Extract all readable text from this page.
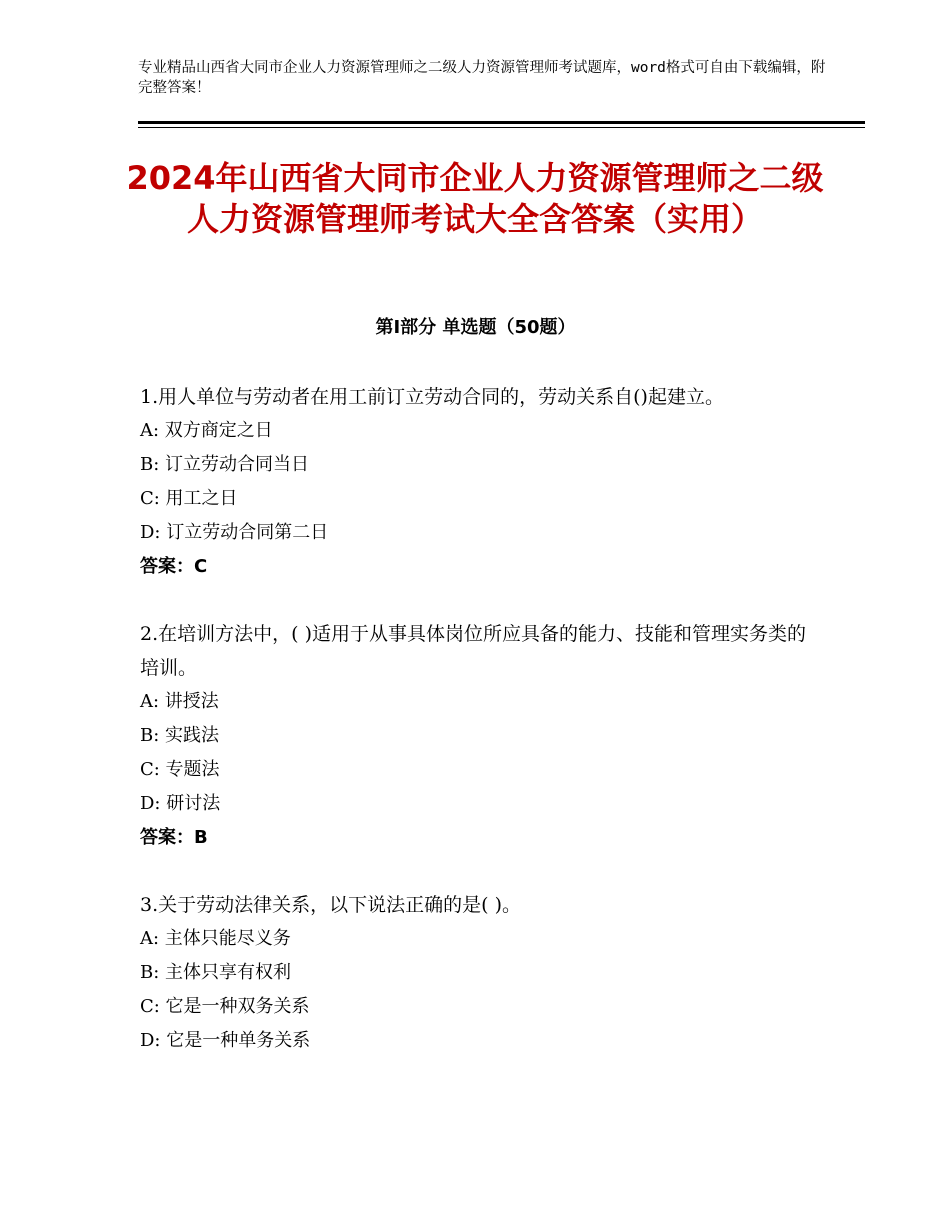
专业精品山西省大同市企业人力资源管理师之二级人力资源管理师考试题库，word格式可自由下载编辑，附完整答案！
2024年山西省大同市企业人力资源管理师之二级人力资源管理师考试大全含答案（实用）
第Ⅰ部分 单选题（50题）

1.用人单位与劳动者在用工前订立劳动合同的，劳动关系自()起建立。

A: 双方商定之日

B: 订立劳动合同当日

C: 用工之日

D: 订立劳动合同第二日

答案：C

2.在培训方法中，( )适用于从事具体岗位所应具备的能力、技能和管理实务类的培训。

A: 讲授法

B: 实践法

C: 专题法

D: 研讨法

答案：B

3.关于劳动法律关系，以下说法正确的是( )。

A: 主体只能尽义务

B: 主体只享有权利

C: 它是一种双务关系

D: 它是一种单务关系
